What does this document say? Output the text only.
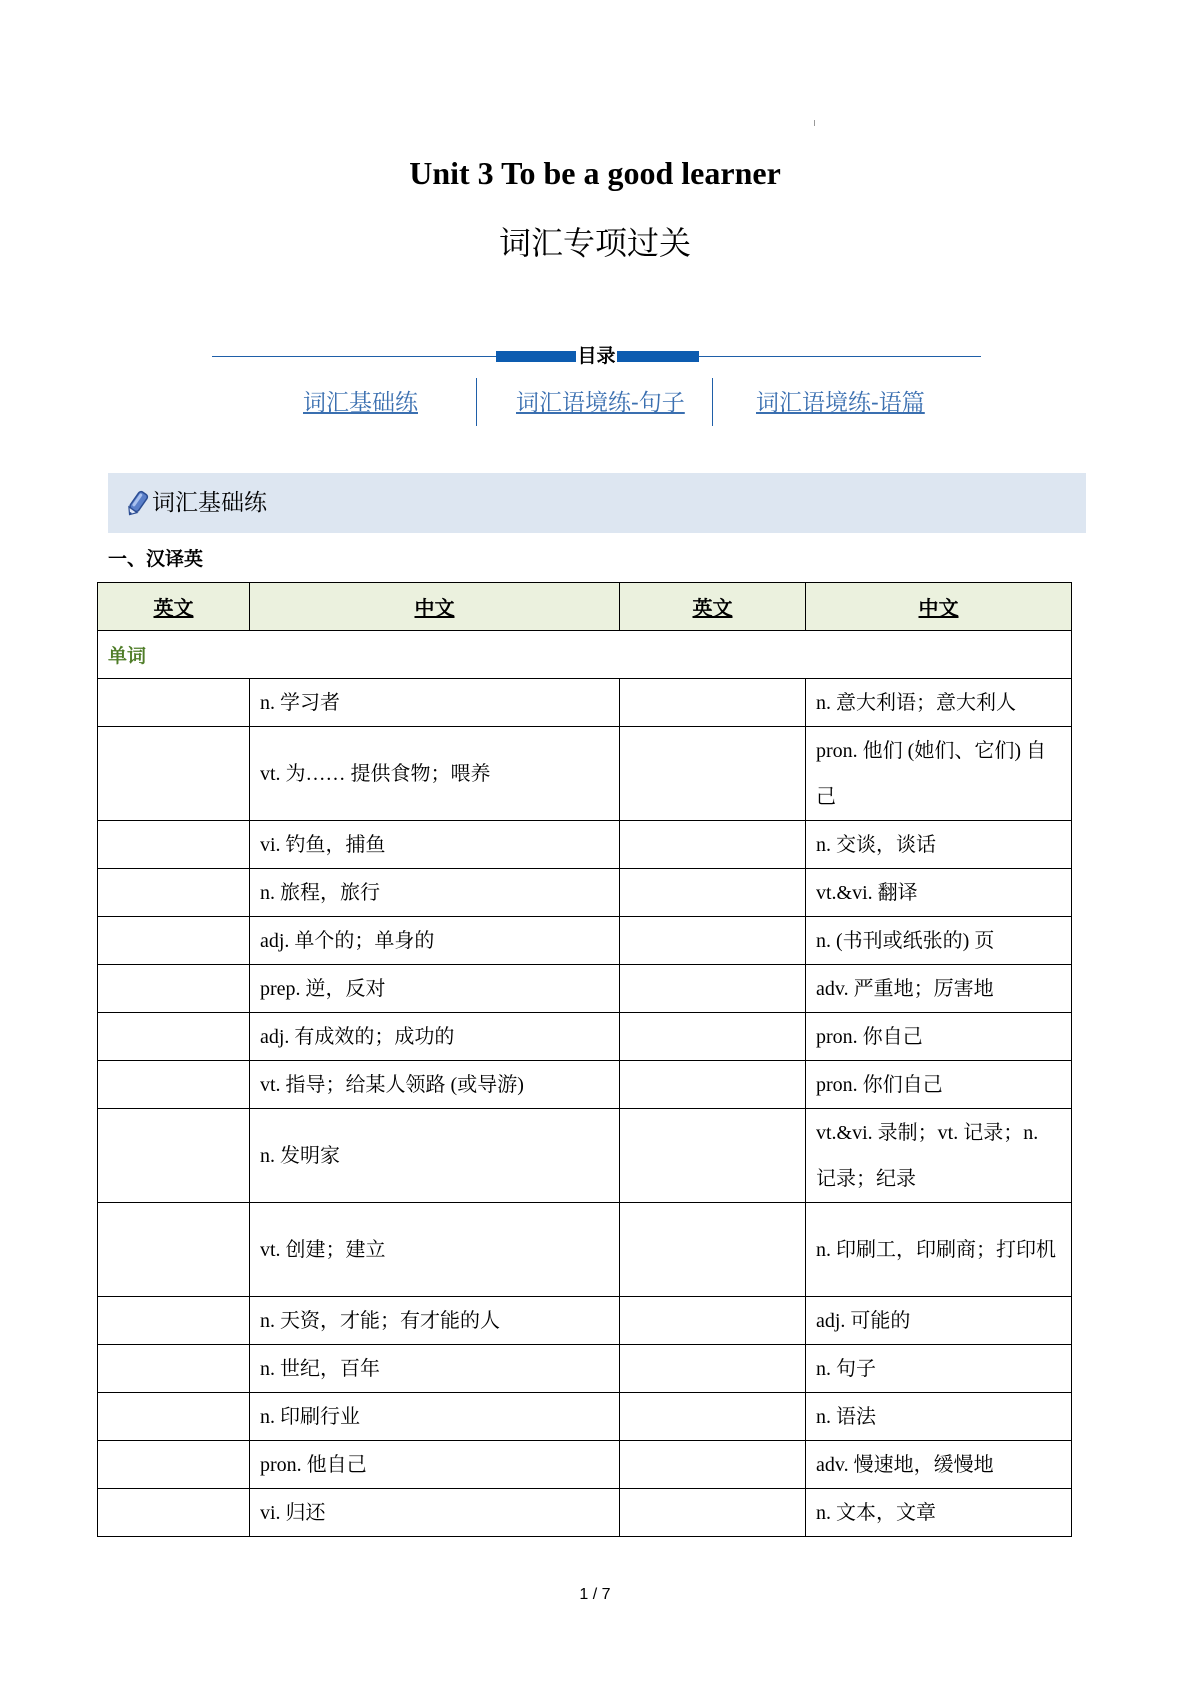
Unit 3 To be a good learner
词汇专项过关
目录
词汇基础练	词汇语境练-句子	词汇语境练-语篇
词汇基础练
一、汉译英
英文	中文	英文	中文
单词			
	n. 学习者		n. 意大利语；意大利人
	vt. 为…… 提供食物；喂养		pron. 他们 (她们、它们) 自己
	vi. 钓鱼，捕鱼		n. 交谈，谈话
	n. 旅程，旅行		vt.&vi. 翻译
	adj. 单个的；单身的		n. (书刊或纸张的) 页
	prep. 逆，反对		adv. 严重地；厉害地
	adj. 有成效的；成功的		pron. 你自己
	vt. 指导；给某人领路 (或导游)		pron. 你们自己
	n. 发明家		vt.&vi. 录制；vt. 记录；n. 记录；纪录
	vt. 创建；建立		n. 印刷工，印刷商；打印机
	n. 天资，才能；有才能的人		adj. 可能的
	n. 世纪，百年		n. 句子
	n. 印刷行业		n. 语法
	pron. 他自己		adv. 慢速地，缓慢地
	vi. 归还		n. 文本，文章
1 / 7
